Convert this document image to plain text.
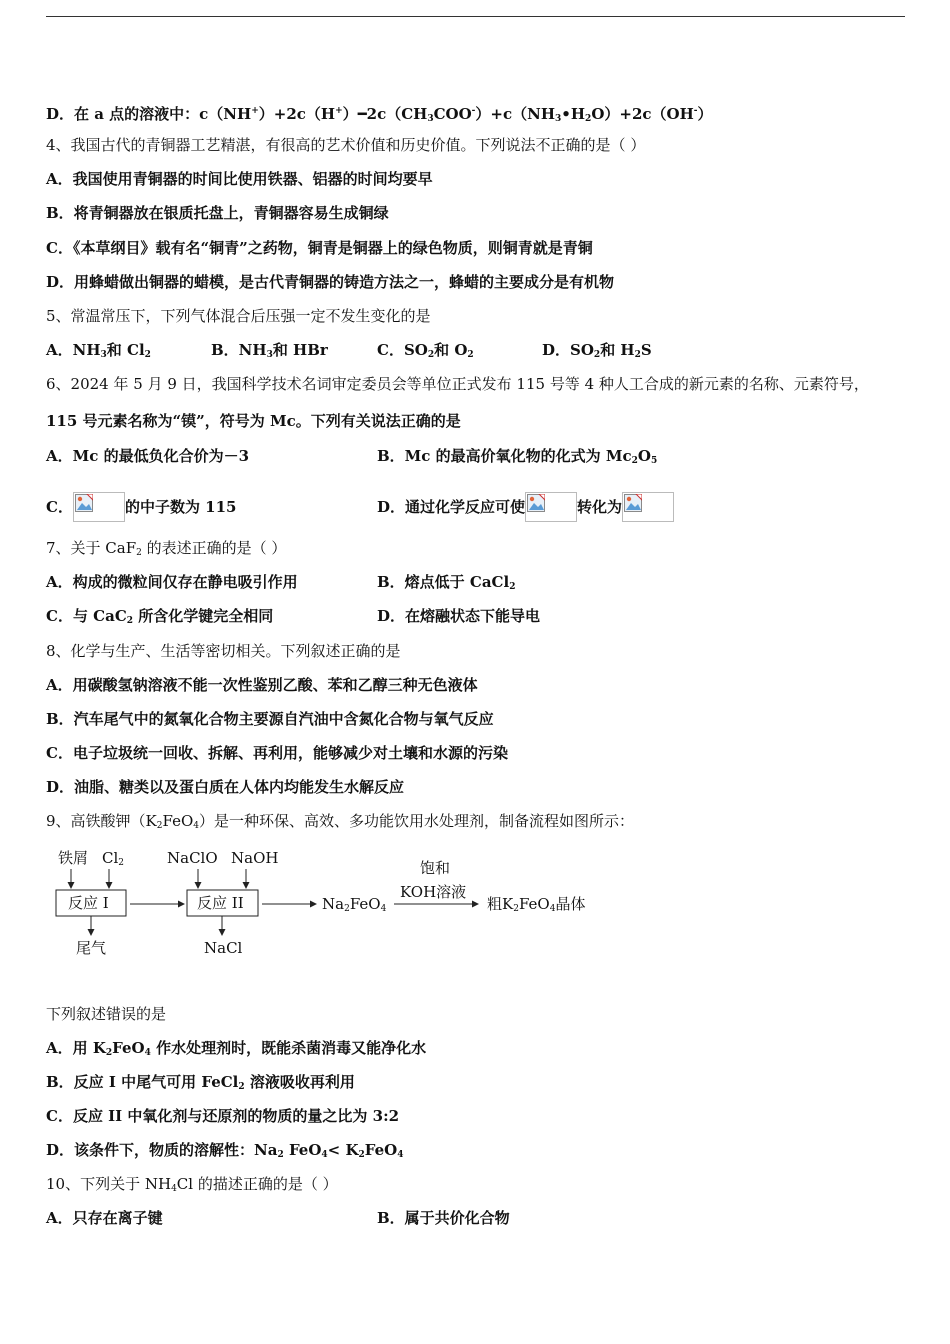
D．在 a 点的溶液中：$c(NH^+)+2c(H^+)━2c(CH_3COO^-)+c(NH_3•H_2O)+2c(OH^-)$
4、我国古代的青铜器工艺精湛，有很高的艺术价值和历史价值。下列说法不正确的是（ ）
A．我国使用青铜器的时间比使用铁器、铝器的时间均要早
B．将青铜器放在银质托盘上，青铜器容易生成铜绿
C．《本草纲目》载有名“铜青”之药物，铜青是铜器上的绿色物质，则铜青就是青铜
D．用蜂蜡做出铜器的蜡模，是古代青铜器的铸造方法之一，蜂蜡的主要成分是有机物
5、常温常压下，下列气体混合后压强一定不发生变化的是
A．$NH_3$和 $Cl_2$	B．$NH_3$和 HBr	C．$SO_2$和 $O_2$	D．$SO_2$和 $H_2S$
6、2024 年 5 月 9 日，我国科学技术名词审定委员会等单位正式发布 115 号等 4 种人工合成的新元素的名称、元素符号，
115 号元素名称为“镆”，符号为 Mc。下列有关说法正确的是
A．Mc 的最低负化合价为－3	B．Mc 的最高价氧化物的化式为 $Mc_2O_5$
C．	的中子数为 115	D．通过化学反应可使	转化为
7、关于 CaF$_2$ 的表述正确的是（ ）
A．构成的微粒间仅存在静电吸引作用	B．熔点低于 CaCl$_2$
C．与 CaC$_2$ 所含化学键完全相同	D．在熔融状态下能导电
8、化学与生产、生活等密切相关。下列叙述正确的是
A．用碳酸氢钠溶液不能一次性鉴别乙酸、苯和乙醇三种无色液体
B．汽车尾气中的氮氧化合物主要源自汽油中含氮化合物与氧气反应
C．电子垃圾统一回收、拆解、再利用，能够减少对土壤和水源的污染
D．油脂、糖类以及蛋白质在人体内均能发生水解反应
9、高铁酸钾$(K_2FeO_4)$是一种环保、高效、多功能饮用水处理剂，制备流程如图所示：
铁屑 $Cl_2$	NaClO NaOH
反应 I	反应 II
尾气	NaCl
$Na_2FeO_4$
饱和
KOH溶液
粗$K_2FeO_4$晶体
下列叙述错误的是
A．用 $K_2FeO_4$ 作水处理剂时，既能杀菌消毒又能净化水
B．反应 I 中尾气可用 FeCl$_2$ 溶液吸收再利用
C．反应 II 中氧化剂与还原剂的物质的量之比为 3:2
D．该条件下，物质的溶解性：$Na_2$ $FeO_4< K_2FeO_4$
10、下列关于 $NH_4Cl$ 的描述正确的是（ ）
A．只存在离子键	B．属于共价化合物
